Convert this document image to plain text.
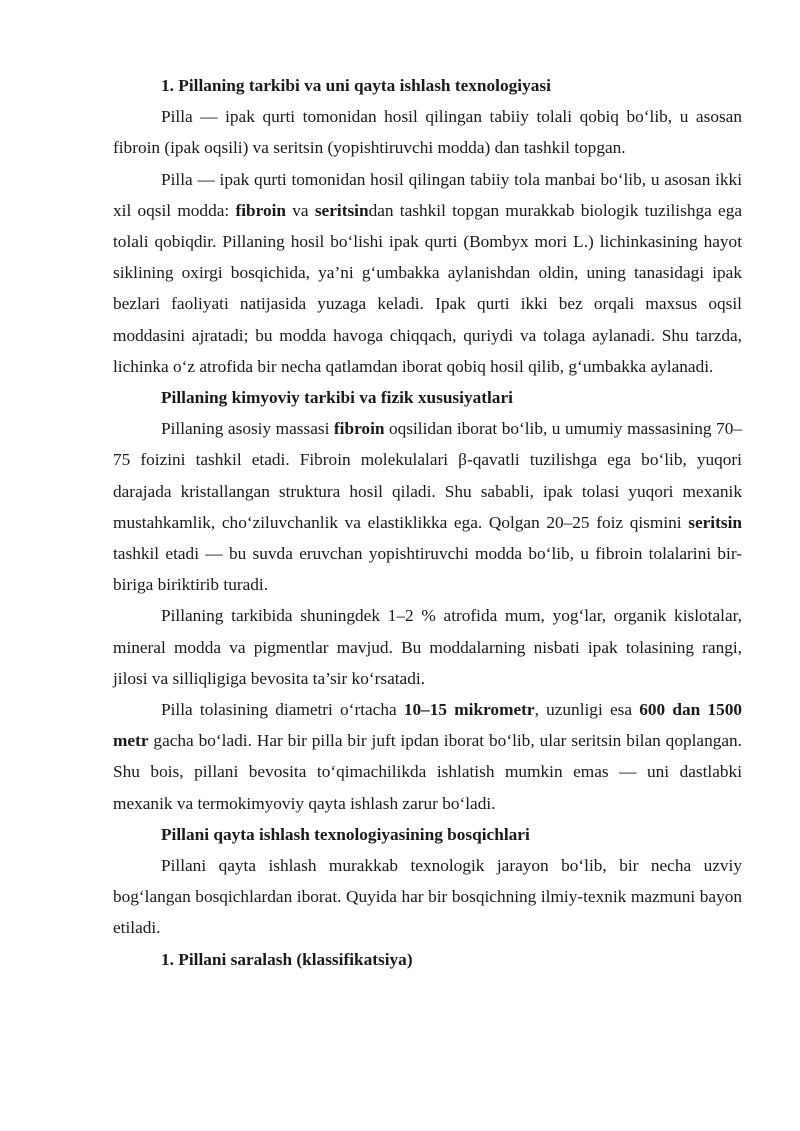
1. Pillaning tarkibi va uni qayta ishlash texnologiyasi

Pilla — ipak qurti tomonidan hosil qilingan tabiiy tolali qobiq bo‘lib, u asosan fibroin (ipak oqsili) va seritsin (yopishtiruvchi modda) dan tashkil topgan.

Pilla — ipak qurti tomonidan hosil qilingan tabiiy tola manbai bo‘lib, u asosan ikki xil oqsil modda: fibroin va seritsindan tashkil topgan murakkab biologik tuzilishga ega tolali qobiqdir. Pillaning hosil bo‘lishi ipak qurti (Bombyx mori L.) lichinkasining hayot siklining oxirgi bosqichida, ya’ni g‘umbakka aylanishdan oldin, uning tanasidagi ipak bezlari faoliyati natijasida yuzaga keladi. Ipak qurti ikki bez orqali maxsus oqsil moddasini ajratadi; bu modda havoga chiqqach, quriydi va tolaga aylanadi. Shu tarzda, lichinka o‘z atrofida bir necha qatlamdan iborat qobiq hosil qilib, g‘umbakka aylanadi.

Pillaning kimyoviy tarkibi va fizik xususiyatlari

Pillaning asosiy massasi fibroin oqsilidan iborat bo‘lib, u umumiy massasining 70–75 foizini tashkil etadi. Fibroin molekulalari β-qavatli tuzilishga ega bo‘lib, yuqori darajada kristallangan struktura hosil qiladi. Shu sababli, ipak tolasi yuqori mexanik mustahkamlik, cho‘ziluvchanlik va elastiklikka ega. Qolgan 20–25 foiz qismini seritsin tashkil etadi — bu suvda eruvchan yopishtiruvchi modda bo‘lib, u fibroin tolalarini bir-biriga biriktirib turadi.

Pillaning tarkibida shuningdek 1–2 % atrofida mum, yog‘lar, organik kislotalar, mineral modda va pigmentlar mavjud. Bu moddalarning nisbati ipak tolasining rangi, jilosi va silliqligiga bevosita ta’sir ko‘rsatadi.

Pilla tolasining diametri o‘rtacha 10–15 mikrometr, uzunligi esa 600 dan 1500 metr gacha bo‘ladi. Har bir pilla bir juft ipdan iborat bo‘lib, ular seritsin bilan qoplangan. Shu bois, pillani bevosita to‘qimachilikda ishlatish mumkin emas — uni dastlabki mexanik va termokimyoviy qayta ishlash zarur bo‘ladi.

Pillani qayta ishlash texnologiyasining bosqichlari

Pillani qayta ishlash murakkab texnologik jarayon bo‘lib, bir necha uzviy bog‘langan bosqichlardan iborat. Quyida har bir bosqichning ilmiy-texnik mazmuni bayon etiladi.

1. Pillani saralash (klassifikatsiya)
